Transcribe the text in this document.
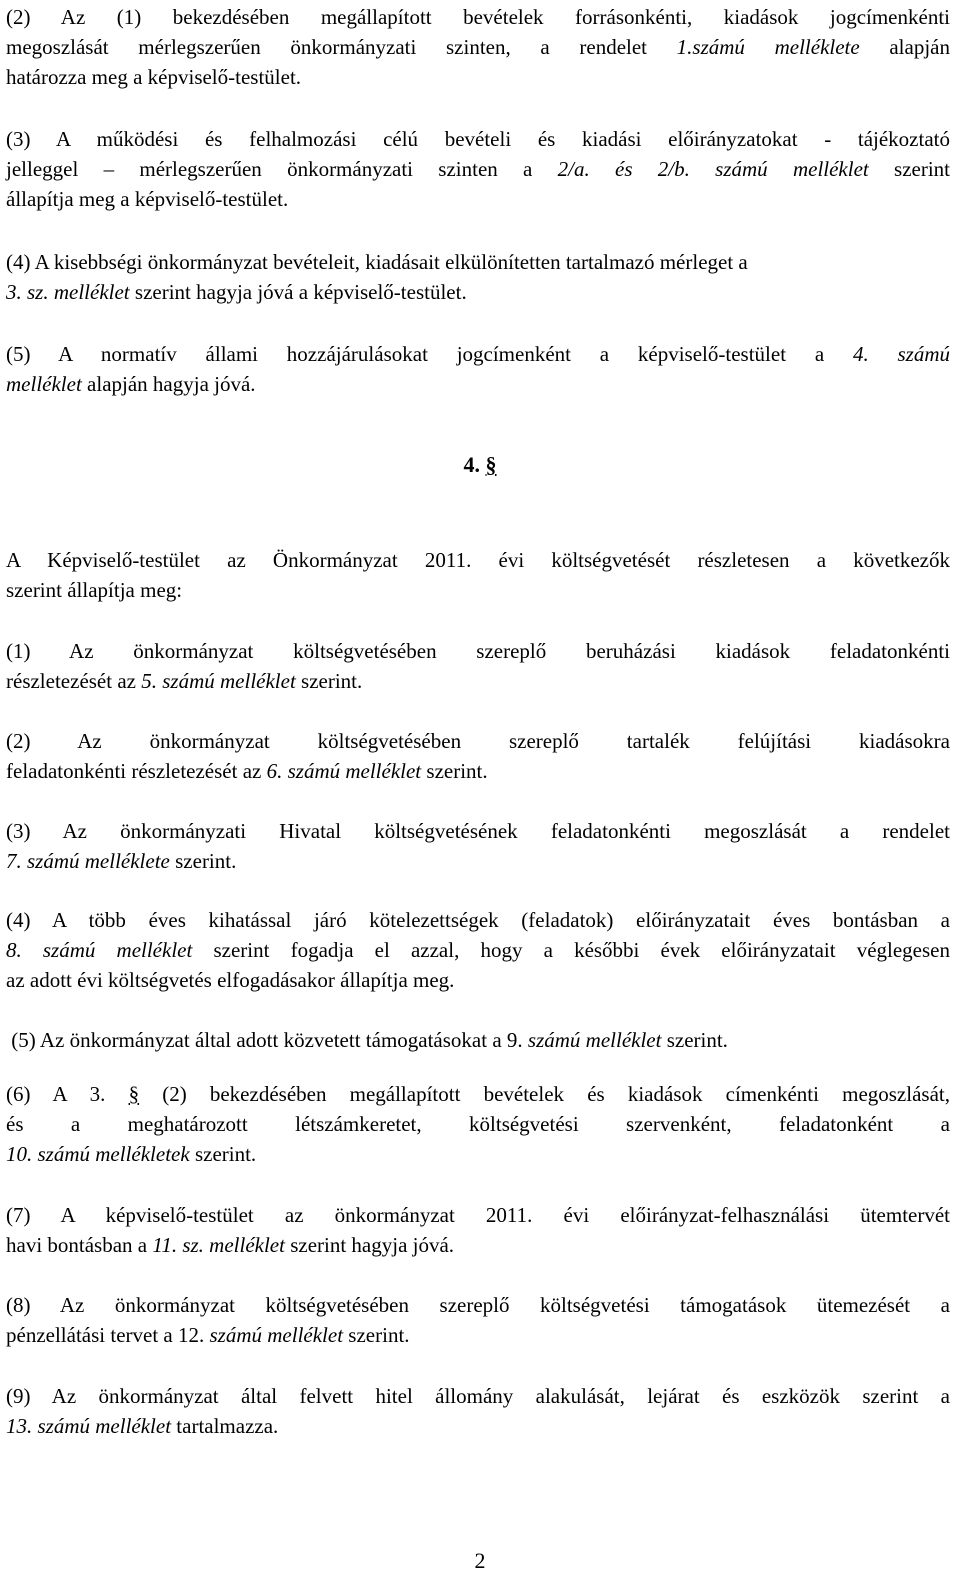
(2) Az (1) bekezdésében megállapított bevételek forrásonkénti, kiadások jogcímenkénti
megoszlását mérlegszerűen önkormányzati szinten, a rendelet 1.számú melléklete alapján
határozza meg a képviselő-testület.
(3) A működési és felhalmozási célú bevételi és kiadási előirányzatokat - tájékoztató
jelleggel – mérlegszerűen önkormányzati szinten a 2/a. és 2/b. számú melléklet szerint
állapítja meg a képviselő-testület.
(4) A kisebbségi önkormányzat bevételeit, kiadásait elkülönítetten tartalmazó mérleget a
3. sz. melléklet szerint hagyja jóvá a képviselő-testület.
(5) A normatív állami hozzájárulásokat jogcímenként a képviselő-testület a 4. számú
melléklet alapján hagyja jóvá.
4. §
A Képviselő-testület az Önkormányzat 2011. évi költségvetését részletesen a következők
szerint állapítja meg:
(1) Az önkormányzat költségvetésében szereplő beruházási kiadások feladatonkénti
részletezését az 5. számú melléklet szerint.
(2) Az önkormányzat költségvetésében szereplő tartalék felújítási kiadásokra
feladatonkénti részletezését az 6. számú melléklet szerint.
(3) Az önkormányzati Hivatal költségvetésének feladatonkénti megoszlását a rendelet
7. számú melléklete szerint.
(4) A több éves kihatással járó kötelezettségek (feladatok) előirányzatait éves bontásban a
8. számú melléklet szerint fogadja el azzal, hogy a későbbi évek előirányzatait véglegesen
az adott évi költségvetés elfogadásakor állapítja meg.
(5) Az önkormányzat által adott közvetett támogatásokat a 9. számú melléklet szerint.
(6) A 3. § (2) bekezdésében megállapított bevételek és kiadások címenkénti megoszlását,
és a meghatározott létszámkeretet, költségvetési szervenként, feladatonként a
10. számú mellékletek szerint.
(7) A képviselő-testület az önkormányzat 2011. évi előirányzat-felhasználási ütemtervét
havi bontásban a 11. sz. melléklet szerint hagyja jóvá.
(8) Az önkormányzat költségvetésében szereplő költségvetési támogatások ütemezését a
pénzellátási tervet a 12. számú melléklet szerint.
(9) Az önkormányzat által felvett hitel állomány alakulását, lejárat és eszközök szerint a
13. számú melléklet tartalmazza.
2
